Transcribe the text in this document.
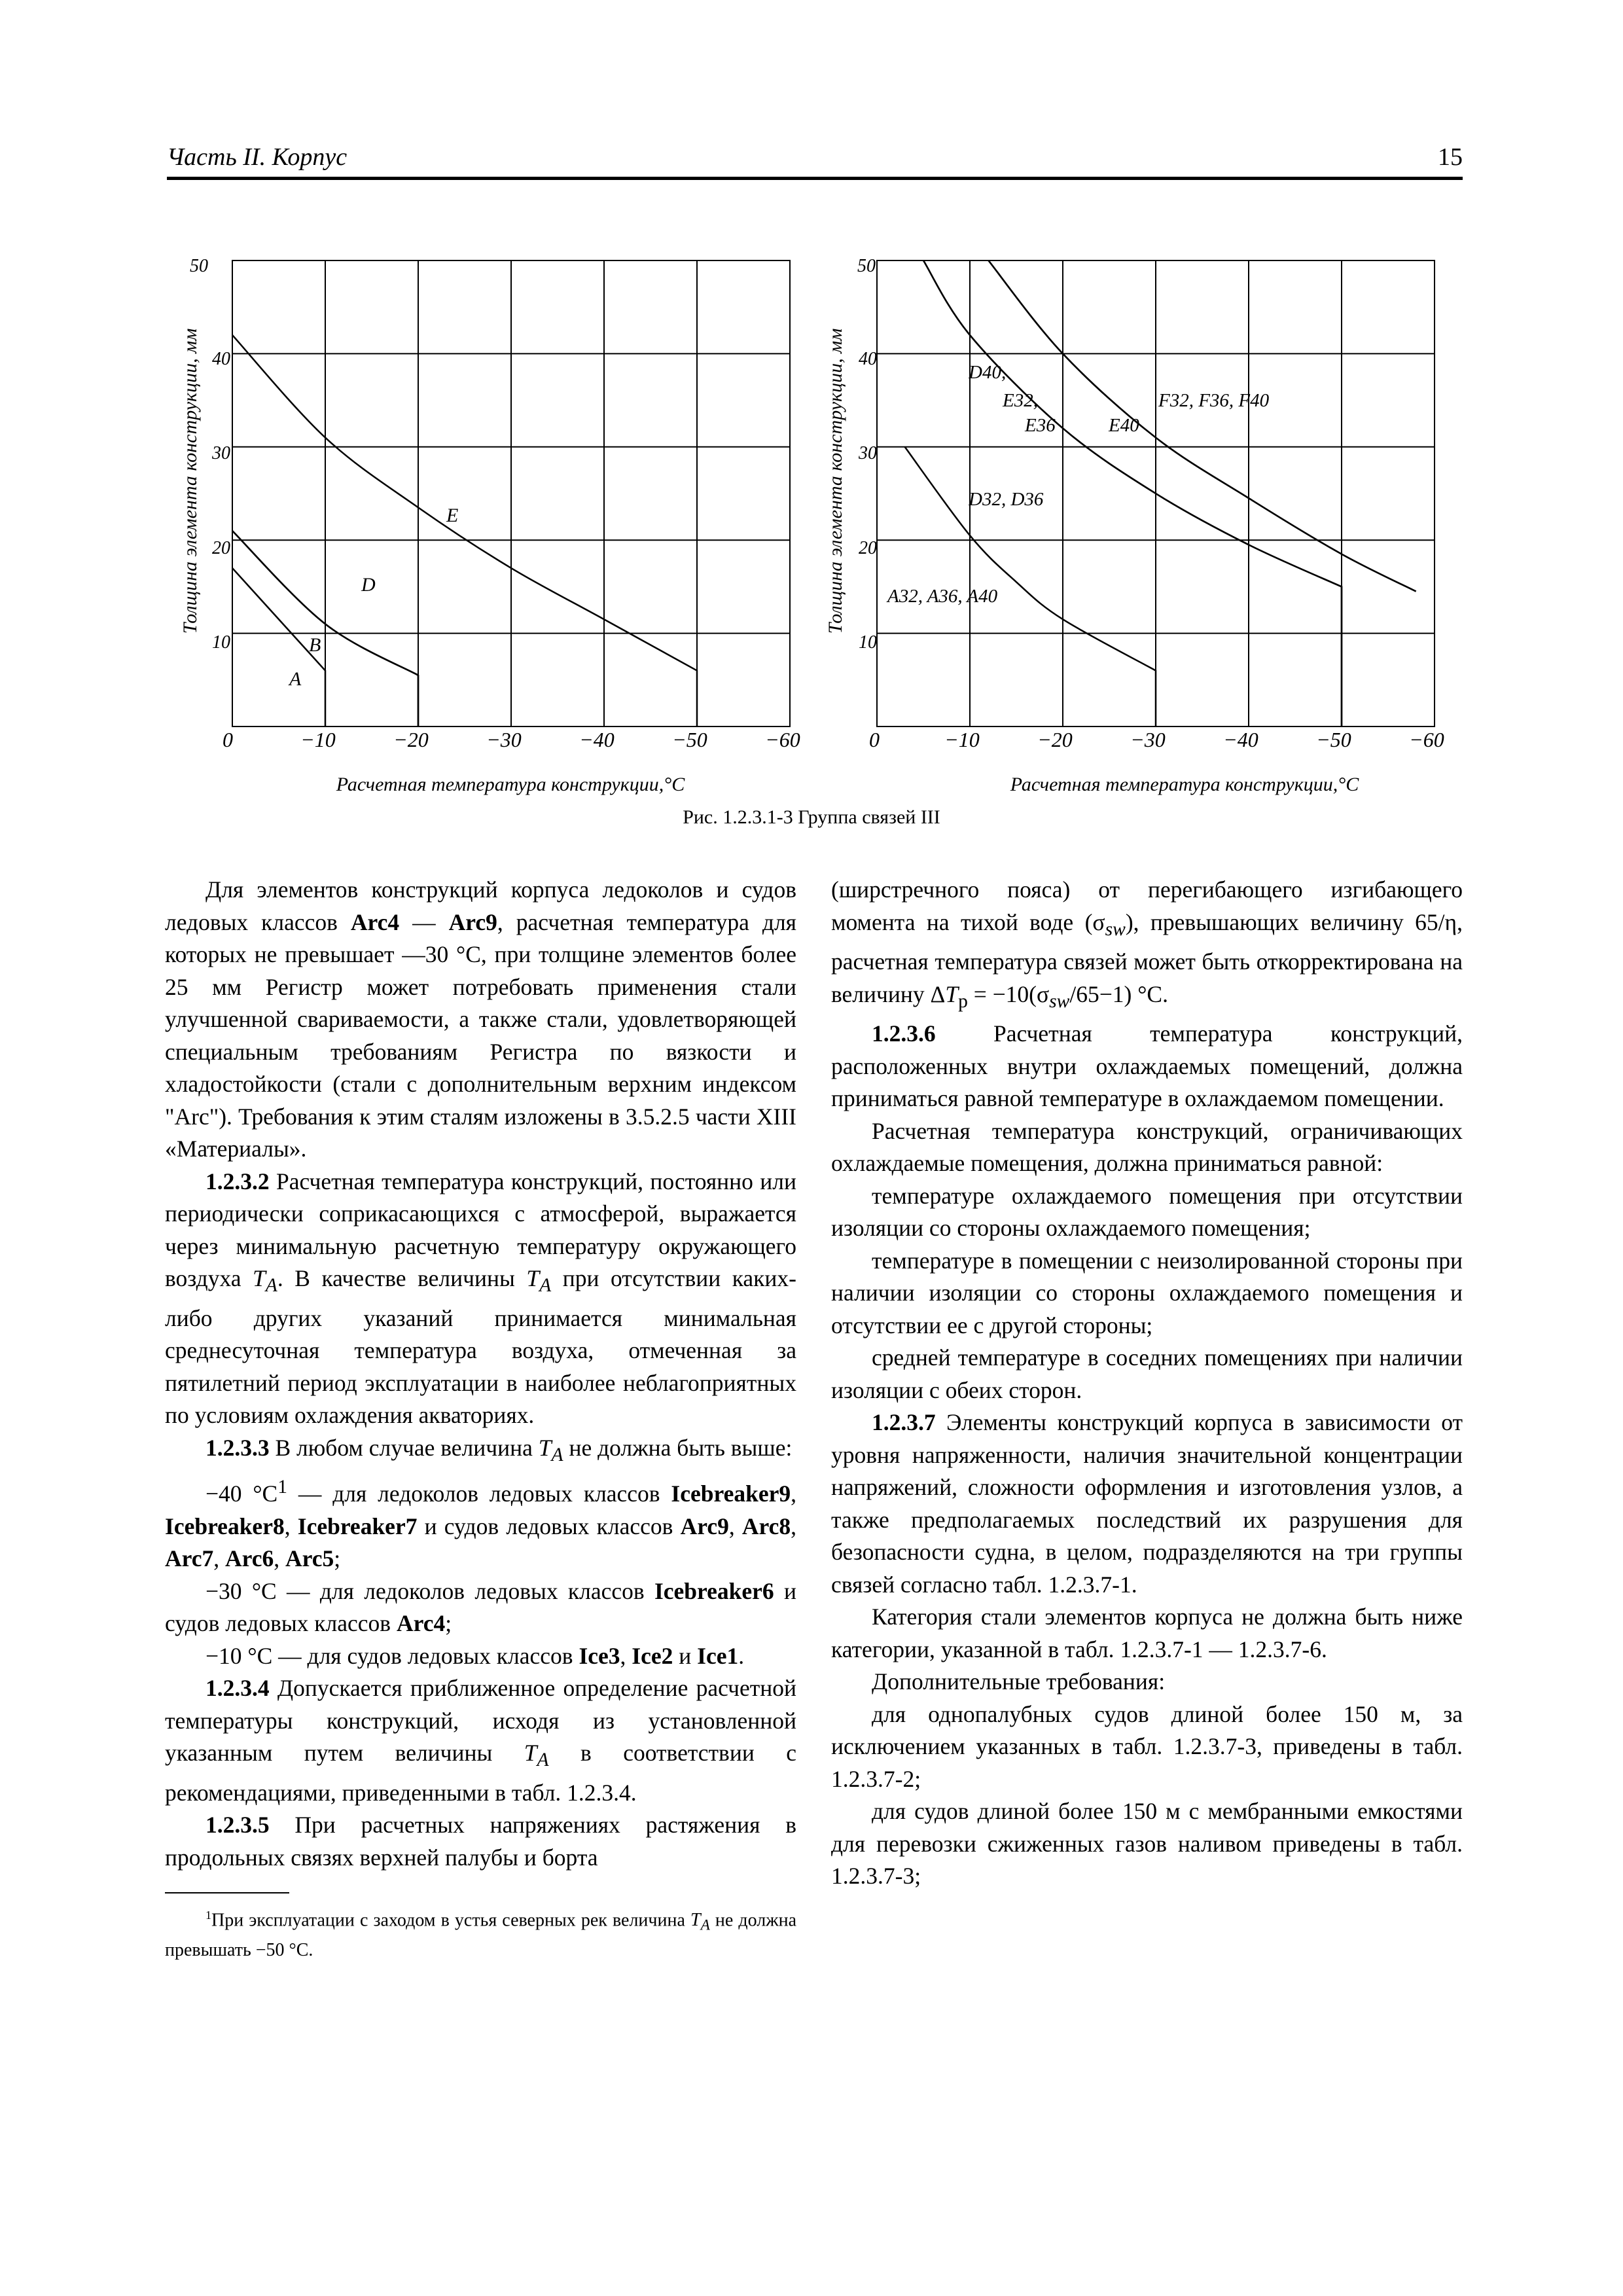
Часть II. Корпус	15
50
40
30
20
10
0	−10	−20	−30	−40	−50	−60
Толщина элемента конструкции, мм
Расчетная температура конструкции,°С
A
B
D
E
50
40
30
20
10
0	−10	−20	−30	−40	−50	−60
Толщина элемента конструкции, мм
Расчетная температура конструкции,°С
A32, A36, A40
D32, D36
D40,
E32,
E36	E40
F32, F36, F40
Рис. 1.2.3.1-3 Группа связей III

Для элементов конструкций корпуса ледоколов и судов ледовых классов Arc4 — Arc9, расчетная температура для которых не превышает —30 °С, при толщине элементов более 25 мм Регистр может потребовать применения стали улучшенной свариваемости, а также стали, удовлетворяющей специальным требованиям Регистра по вязкости и хладостойкости (стали с дополнительным верхним индексом "Arc"). Требования к этим сталям изложены в 3.5.2.5 части XIII «Материалы».

1.2.3.2 Расчетная температура конструкций, постоянно или периодически соприкасающихся с атмосферой, выражается через минимальную расчетную температуру окружающего воздуха $T_A$. В качестве величины $T_A$ при отсутствии каких-либо других указаний принимается минимальная среднесуточная температура воздуха, отмеченная за пятилетний период эксплуатации в наиболее неблагоприятных по условиям охлаждения акваториях.

1.2.3.3 В любом случае величина $T_A$ не должна быть выше:

−40 $^\circ С^1$ — для ледоколов ледовых классов Icebreaker9, Icebreaker8, Icebreaker7 и судов ледовых классов Arc9, Arc8, Arc7, Arc6, Arc5;

−30 °С — для ледоколов ледовых классов Icebreaker6 и судов ледовых классов Arc4;

−10 °С — для судов ледовых классов Ice3, Ice2 и Ice1.

1.2.3.4 Допускается приближенное определение расчетной температуры конструкций, исходя из установленной указанным путем величины $T_A$ в соответствии с рекомендациями, приведенными в табл. 1.2.3.4.

1.2.3.5 При расчетных напряжениях растяжения в продольных связях верхней палубы и борта

$^1$При эксплуатации с заходом в устья северных рек величина $T_A$ не должна превышать −50 °С.

(ширстречного пояса) от перегибающего изгибающего момента на тихой воде $(\sigma_{sw})$, превышающих величину 65/η, расчетная температура связей может быть откорректирована на величину $\Delta T_р = -10(\sigma_{sw}/65-1)$ °С.

1.2.3.6 Расчетная температура конструкций, расположенных внутри охлаждаемых помещений, должна приниматься равной температуре в охлаждаемом помещении.

Расчетная температура конструкций, ограничивающих охлаждаемые помещения, должна приниматься равной:

температуре охлаждаемого помещения при отсутствии изоляции со стороны охлаждаемого помещения;

температуре в помещении с неизолированной стороны при наличии изоляции со стороны охлаждаемого помещения и отсутствии ее с другой стороны;

средней температуре в соседних помещениях при наличии изоляции с обеих сторон.

1.2.3.7 Элементы конструкций корпуса в зависимости от уровня напряженности, наличия значительной концентрации напряжений, сложности оформления и изготовления узлов, а также предполагаемых последствий их разрушения для безопасности судна, в целом, подразделяются на три группы связей согласно табл. 1.2.3.7-1.

Категория стали элементов корпуса не должна быть ниже категории, указанной в табл. 1.2.3.7-1 — 1.2.3.7-6.

Дополнительные требования:

для однопалубных судов длиной более 150 м, за исключением указанных в табл. 1.2.3.7-3, приведены в табл. 1.2.3.7-2;

для судов длиной более 150 м с мембранными емкостями для перевозки сжиженных газов наливом приведены в табл. 1.2.3.7-3;
